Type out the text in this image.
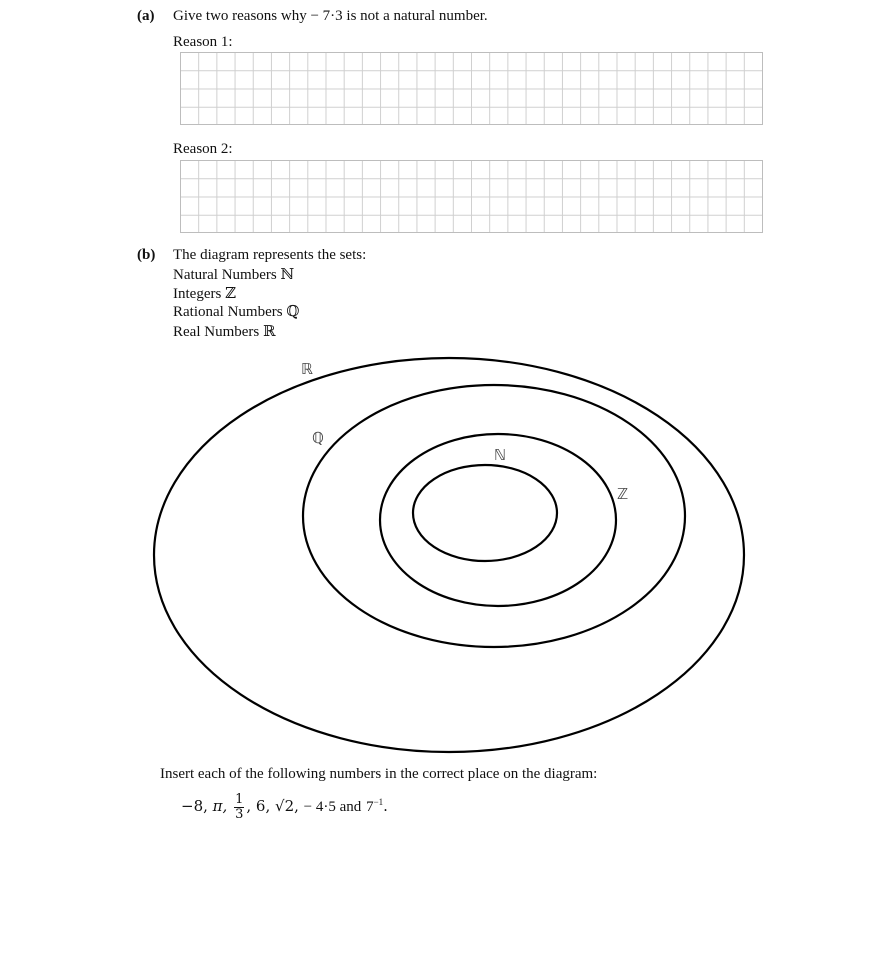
(a) Give two reasons why − 7·3 is not a natural number.
Reason 1:
Reason 2:
(b) The diagram represents the sets:
Natural Numbers ℕ
Integers ℤ
Rational Numbers ℚ
Real Numbers ℝ
ℝ
ℚ
ℕ
ℤ
Insert each of the following numbers in the correct place on the diagram:
−8, π, $\frac{1}{3}$ , 6, √2, − 4·5 and $7^{-1}$.
